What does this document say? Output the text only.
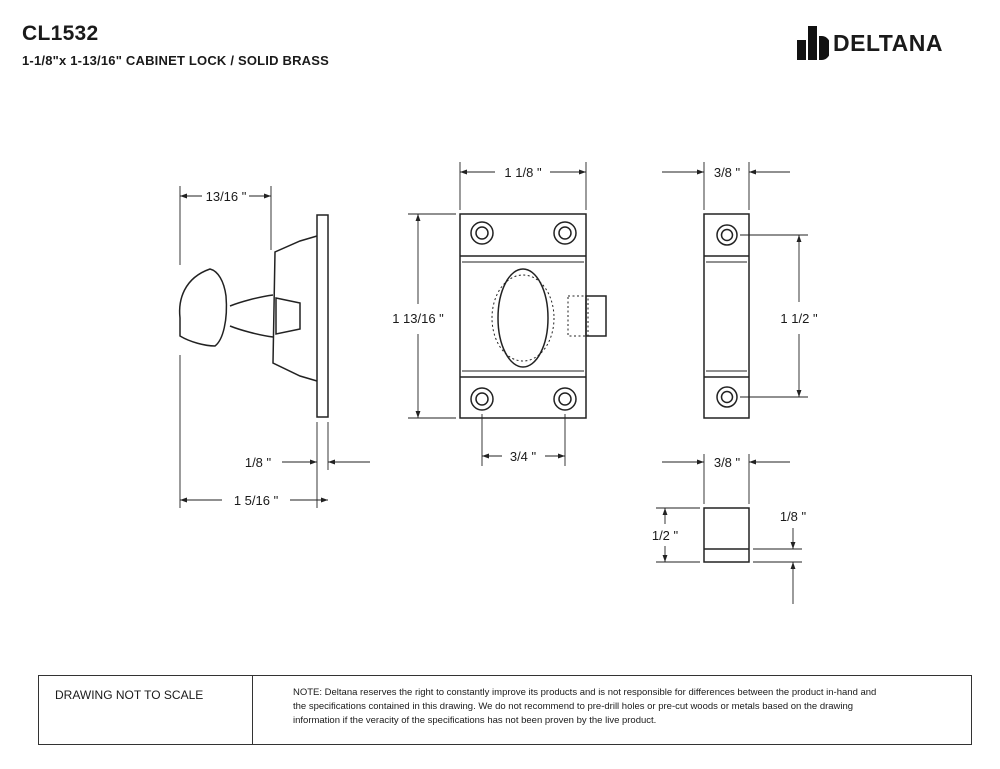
CL1532
1-1/8"x 1-13/16" CABINET LOCK / SOLID BRASS
DELTANA
13/16 "
1/8 "
1 5/16 "
1 1/8 "
1 13/16 "
3/4 "
3/8 "
1 1/2 "
3/8 "
1/2 "
1/8 "
DRAWING NOT TO SCALE	NOTE: Deltana reserves the right to constantly improve its products and is not responsible for differences between the product in-hand and
the specifications contained in this drawing. We do not recommend to pre-drill holes or pre-cut woods or metals based on the drawing
information if the veracity of the specifications has not been proven by the live product.
